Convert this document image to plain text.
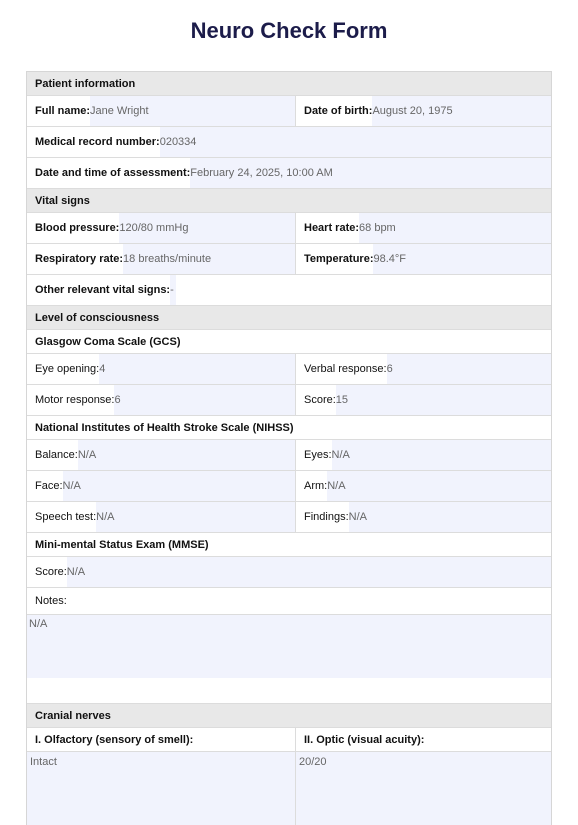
Neuro Check Form
Patient information
Full name: Jane Wright	Date of birth: August 20, 1975
Medical record number: 020334
Date and time of assessment: February 24, 2025, 10:00 AM
Vital signs
Blood pressure: 120/80 mmHg	Heart rate: 68 bpm
Respiratory rate: 18 breaths/minute	Temperature: 98.4°F
Other relevant vital signs: -
Level of consciousness
Glasgow Coma Scale (GCS)
Eye opening: 4	Verbal response: 6
Motor response: 6	Score: 15
National Institutes of Health Stroke Scale (NIHSS)
Balance: N/A	Eyes: N/A
Face: N/A	Arm: N/A
Speech test: N/A	Findings: N/A
Mini-mental Status Exam (MMSE)
Score: N/A
Notes:
N/A
Cranial nerves
I. Olfactory (sensory of smell):	II. Optic (visual acuity):
Intact	20/20
